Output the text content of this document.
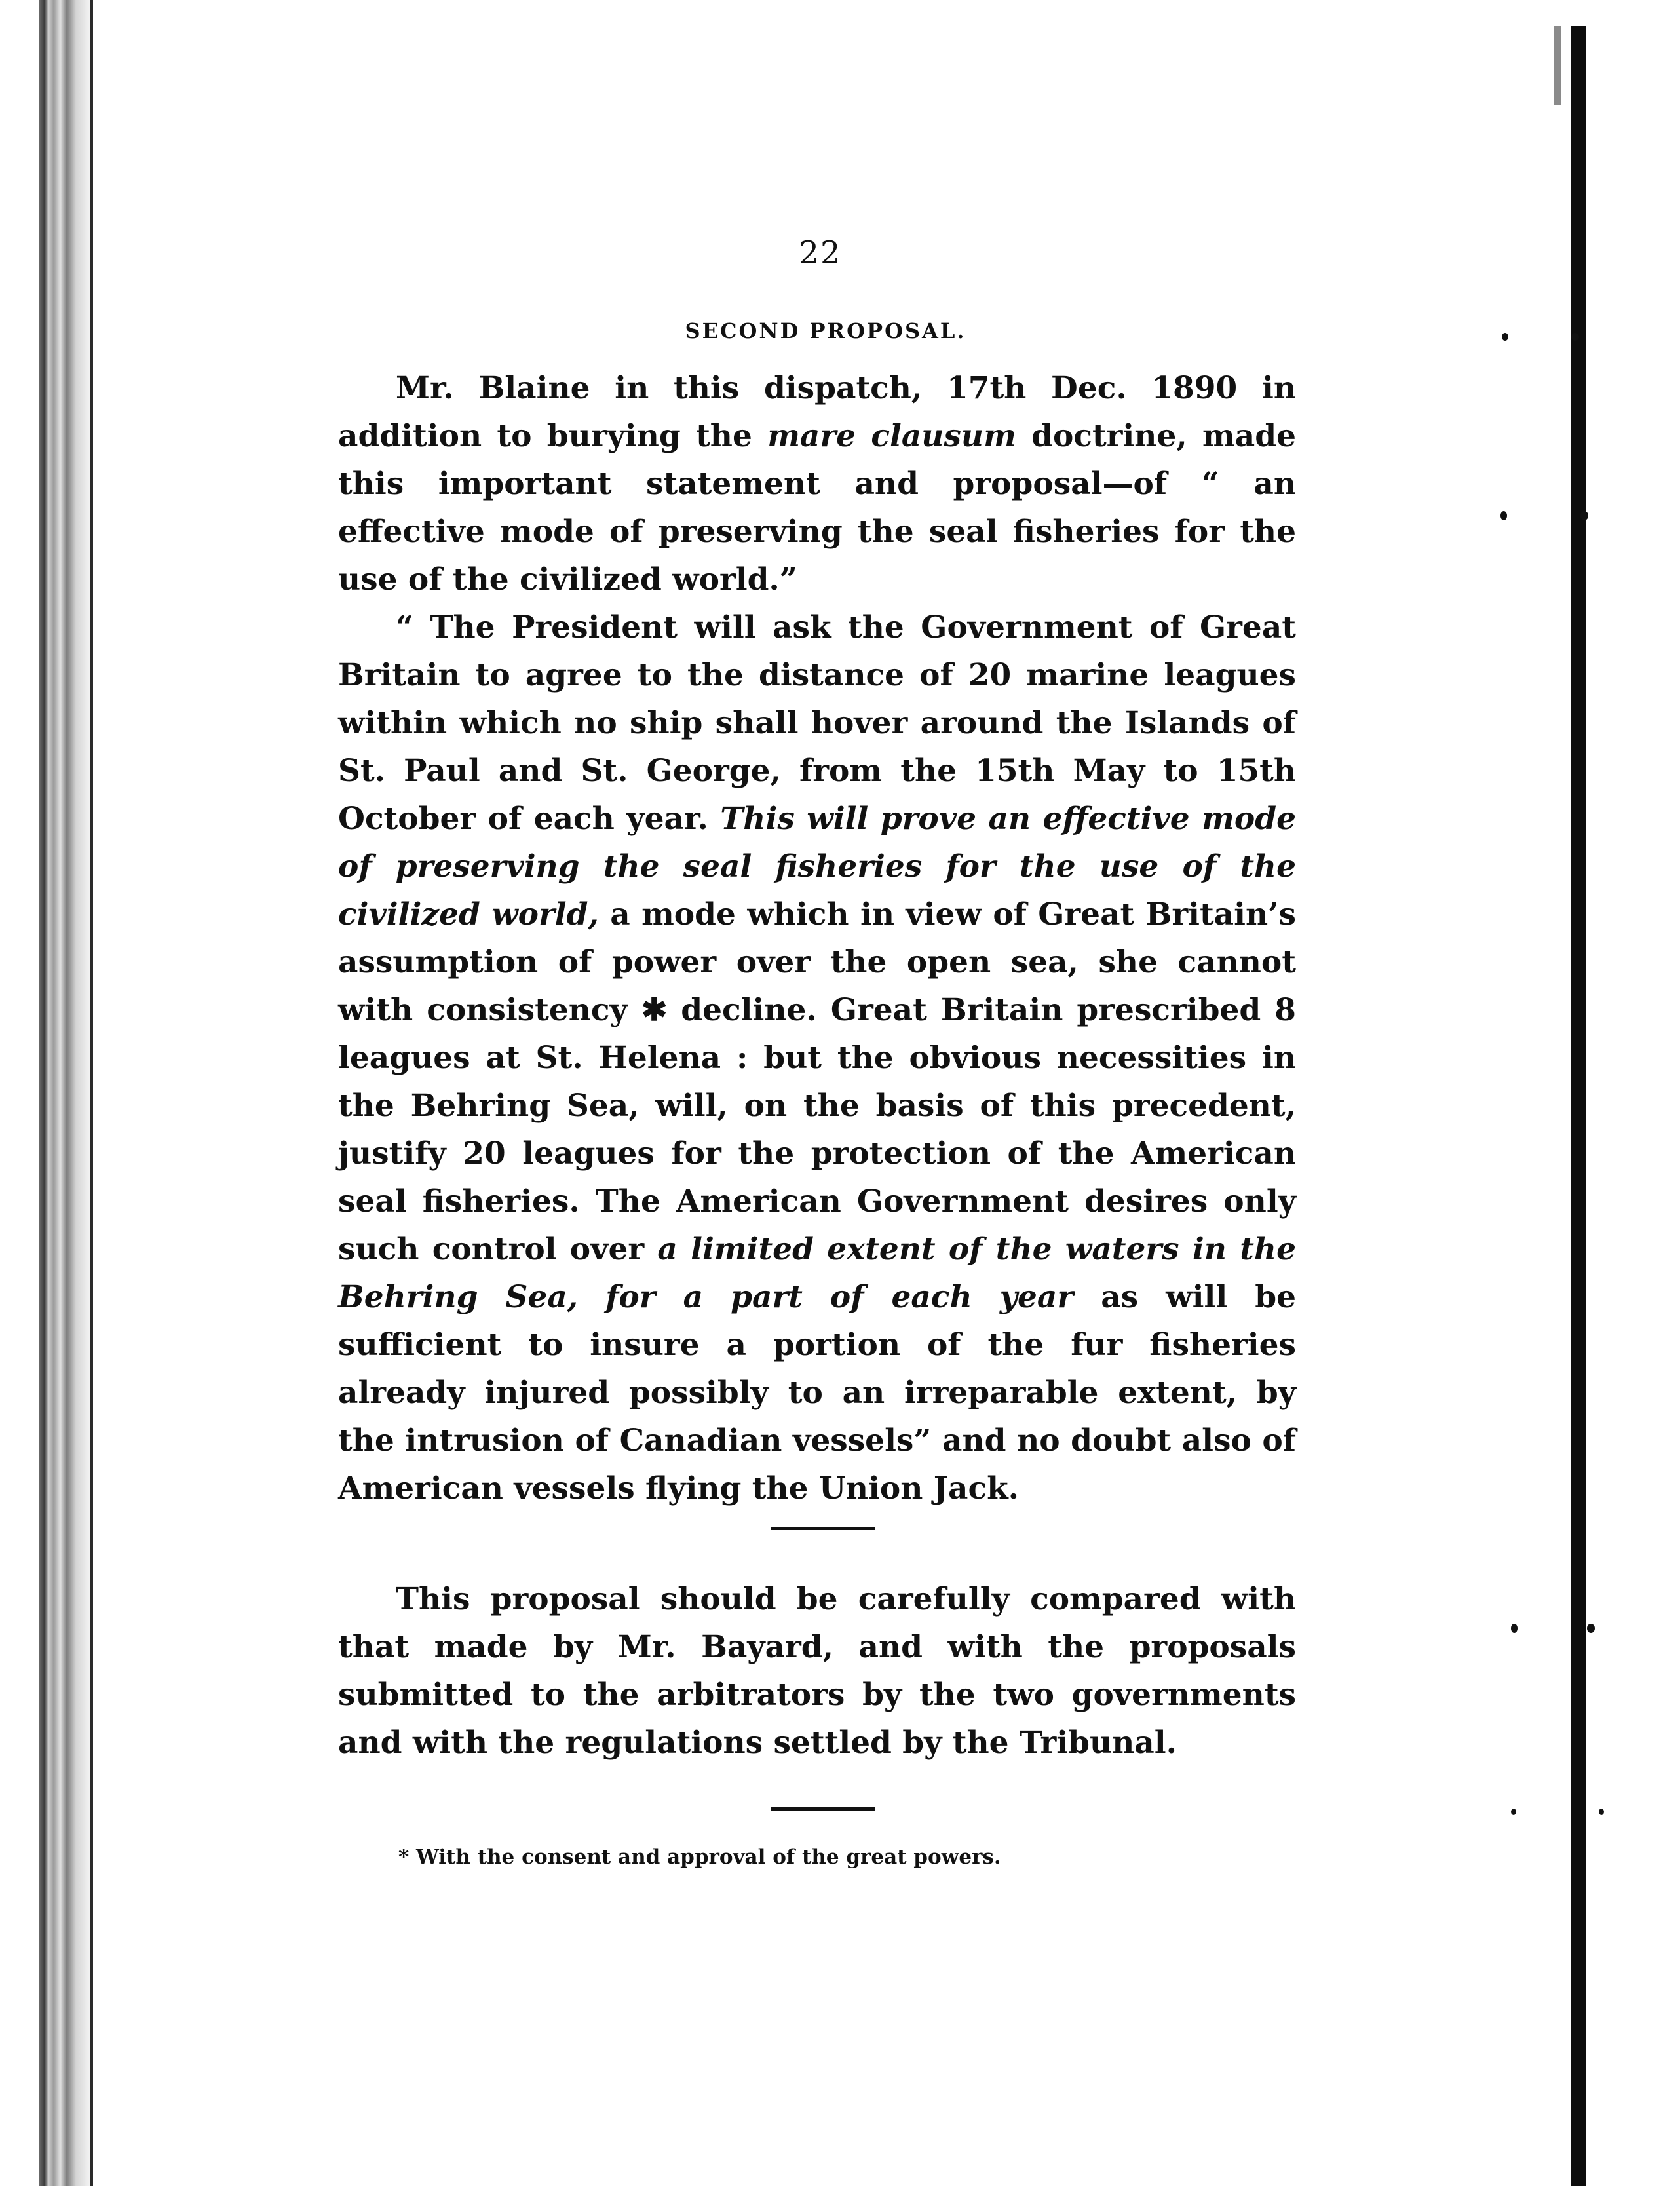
22
SECOND PROPOSAL.

Mr. Blaine in this dispatch, 17th Dec. 1890 in addition to burying the mare clausum doctrine, made this important statement and proposal—of “ an effective mode of preserving the seal fisheries for the use of the civilized world.”

“ The President will ask the Government of Great Britain to agree to the distance of 20 marine leagues within which no ship shall hover around the Islands of St. Paul and St. George, from the 15th May to 15th October of each year. This will prove an effective mode of preserving the seal fisheries for the use of the civilized world, a mode which in view of Great Britain’s assumption of power over the open sea, she cannot with consistency ✱ decline. Great Britain prescribed 8 leagues at St. Helena : but the obvious necessities in the Behring Sea, will, on the basis of this precedent, justify 20 leagues for the protection of the American seal fisheries. The American Government desires only such control over a limited extent of the waters in the Behring Sea, for a part of each year as will be sufficient to insure a portion of the fur fisheries already injured possibly to an irreparable extent, by the intrusion of Canadian vessels” and no doubt also of American vessels flying the Union Jack.

This proposal should be carefully compared with that made by Mr. Bayard, and with the proposals submitted to the arbitrators by the two governments and with the regulations settled by the Tribunal.

* With the consent and approval of the great powers.
